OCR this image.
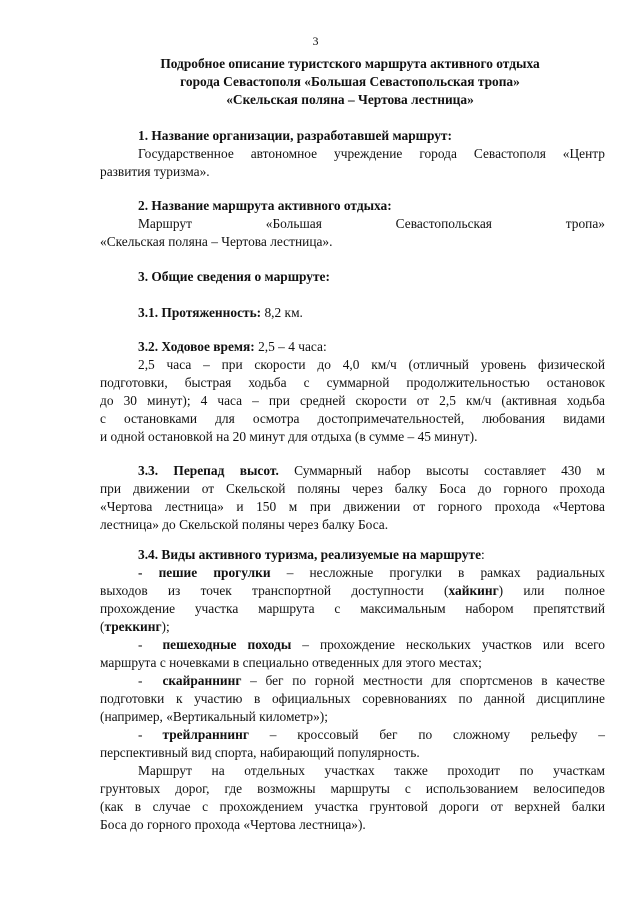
3
Подробное описание туристского маршрута активного отдыха
города Севастополя «Большая Севастопольская тропа»
«Скельская поляна – Чертова лестница»
1. Название организации, разработавшей маршрут:
Государственное автономное учреждение города Севастополя «Центр
развития туризма».
2. Название маршрута активного отдыха:
Маршрут	«Большая	Севастопольская	тропа»
«Скельская поляна – Чертова лестница».
3. Общие сведения о маршруте:
3.1. Протяженность: 8,2 км.
3.2. Ходовое время: 2,5 – 4 часа:
2,5 часа – при скорости до 4,0 км/ч (отличный уровень физической
подготовки, быстрая ходьба с суммарной продолжительностью остановок
до 30 минут); 4 часа – при средней скорости от 2,5 км/ч (активная ходьба
с остановками для осмотра достопримечательностей, любования видами
и одной остановкой на 20 минут для отдыха (в сумме – 45 минут).
3.3. Перепад высот. Суммарный набор высоты составляет 430 м
при движении от Скельской поляны через балку Боса до горного прохода
«Чертова лестница» и 150 м при движении от горного прохода «Чертова
лестница» до Скельской поляны через балку Боса.
3.4. Виды активного туризма, реализуемые на маршруте:
- пешие прогулки – несложные прогулки в рамках радиальных
выходов из точек транспортной доступности (хайкинг) или полное
прохождение участка маршрута с максимальным набором препятствий
(треккинг);
- пешеходные походы – прохождение нескольких участков или всего
маршрута с ночевками в специально отведенных для этого местах;
- скайраннинг – бег по горной местности для спортсменов в качестве
подготовки к участию в официальных соревнованиях по данной дисциплине
(например, «Вертикальный километр»);
- трейлраннинг – кроссовый бег по сложному рельефу –
перспективный вид спорта, набирающий популярность.
Маршрут на отдельных участках также проходит по участкам
грунтовых дорог, где возможны маршруты с использованием велосипедов
(как в случае с прохождением участка грунтовой дороги от верхней балки
Боса до горного прохода «Чертова лестница»).
